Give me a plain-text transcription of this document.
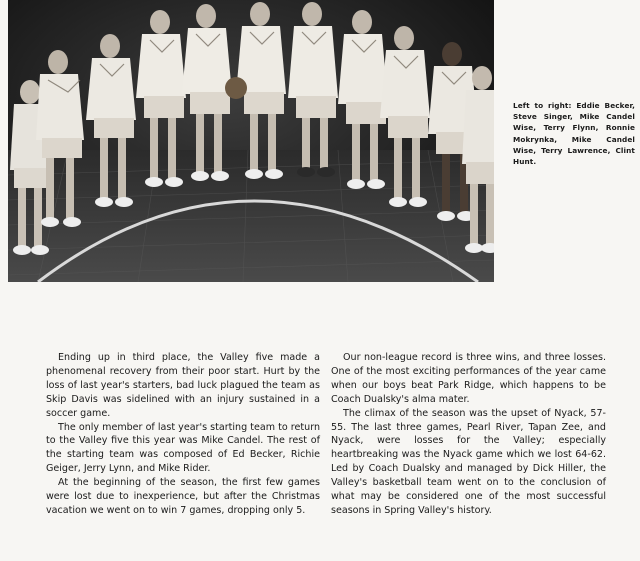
Left to right: Eddie Becker, Steve Singer, Mike Candel Wise, Terry Flynn, Ronnie Mokrynka, Mike Candel Wise, Terry Lawrence, Clint Hunt.

Ending up in third place, the Valley five made a phenomenal recovery from their poor start. Hurt by the loss of last year's starters, bad luck plagued the team as Skip Davis was sidelined with an injury sustained in a soccer game.

The only member of last year's starting team to return to the Valley five this year was Mike Candel. The rest of the starting team was composed of Ed Becker, Richie Geiger, Jerry Lynn, and Mike Rider.

At the beginning of the season, the first few games were lost due to inexperience, but after the Christmas vacation we went on to win 7 games, dropping only 5.

Our non-league record is three wins, and three losses. One of the most exciting performances of the year came when our boys beat Park Ridge, which happens to be Coach Dualsky's alma mater.

The climax of the season was the upset of Nyack, 57-55. The last three games, Pearl River, Tapan Zee, and Nyack, were losses for the Valley; especially heartbreaking was the Nyack game which we lost 64-62. Led by Coach Dualsky and managed by Dick Hiller, the Valley's basketball team went on to the conclusion of what may be considered one of the most successful seasons in Spring Valley's history.
